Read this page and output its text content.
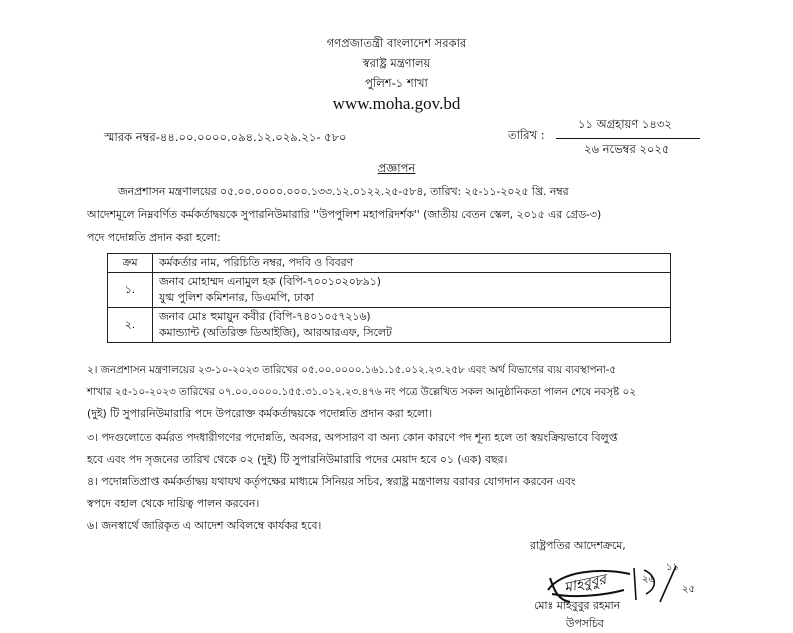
গণপ্রজাতন্ত্রী বাংলাদেশ সরকার
স্বরাষ্ট্র মন্ত্রণালয়
পুলিশ-১ শাখা
www.moha.gov.bd
স্মারক নম্বর-৪৪.০০.০০০০.০৯৪.১২.০২৯.২১- ৫৮০	তারিখ :
১১ অগ্রহায়ণ ১৪৩২
২৬ নভেম্বর ২০২৫
প্রজ্ঞাপন
জনপ্রশাসন মন্ত্রণালয়ের ০৫.০০.০০০০.০০০.১৩৩.১২.০১২২.২৫-৫৮৪, তারিখ: ২৫-১১-২০২৫ খ্রি. নম্বর
আদেশমূলে নিম্নবর্ণিত কর্মকর্তাদ্বয়কে সুপারনিউমারারি ''উপপুলিশ মহাপরিদর্শক'' (জাতীয় বেতন স্কেল, ২০১৫ এর গ্রেড-৩)
পদে পদোন্নতি প্রদান করা হলো:
ক্রম	কর্মকর্তার নাম, পরিচিতি নম্বর, পদবি ও বিবরণ
১.	জনাব মোহাম্মদ এনামুল হক (বিপি-৭০০১০২০৮৯১)
যুগ্ম পুলিশ কমিশনার, ডিএমপি, ঢাকা

২.	জনাব মোঃ হুমায়ুন কবীর (বিপি-৭৪০১০৫৭২১৬)
কমান্ড্যান্ট (অতিরিক্ত ডিআইজি), আরআরএফ, সিলেট
২। জনপ্রশাসন মন্ত্রণালয়ের ২৩-১০-২০২৩ তারিখের ০৫.০০.০০০০.১৬১.১৫.০১২.২৩.২৫৮ এবং অর্থ বিভাগের ব্যয় ব্যবস্থাপনা-৫
শাখার ২৫-১০-২০২৩ তারিখের ০৭.০০.০০০০.১৫৫.৩১.০১২.২৩.৪৭৬ নং পত্রে উল্লেখিত সকল আনুষ্ঠানিকতা পালন শেষে নবসৃষ্ট ০২
(দুই) টি সুপারনিউমারারি পদে উপরোক্ত কর্মকর্তাদ্বয়কে পদোন্নতি প্রদান করা হলো।
৩। পদগুলোতে কর্মরত পদধারীগণের পদোন্নতি, অবসর, অপসারণ বা অন্য কোন কারণে পদ শূন্য হলে তা স্বয়ংক্রিয়ভাবে বিলুপ্ত
হবে এবং পদ সৃজনের তারিখ থেকে ০২ (দুই) টি সুপারনিউমারারি পদের মেয়াদ হবে ০১ (এক) বছর।
৪। পদোন্নতিপ্রাপ্ত কর্মকর্তাদ্বয় যথাযথ কর্তৃপক্ষের মাধ্যমে সিনিয়র সচিব, স্বরাষ্ট্র মন্ত্রণালয় বরাবর যোগদান করবেন এবং
স্বপদে বহাল থেকে দায়িত্ব পালন করবেন।
৬। জনস্বার্থে জারিকৃত এ আদেশ অবিলম্বে কার্যকর হবে।
রাষ্ট্রপতির আদেশক্রমে,
মাহবুবুর	২৬
১১
২৫
মোঃ মাহবুবুর রহমান
উপসচিব
